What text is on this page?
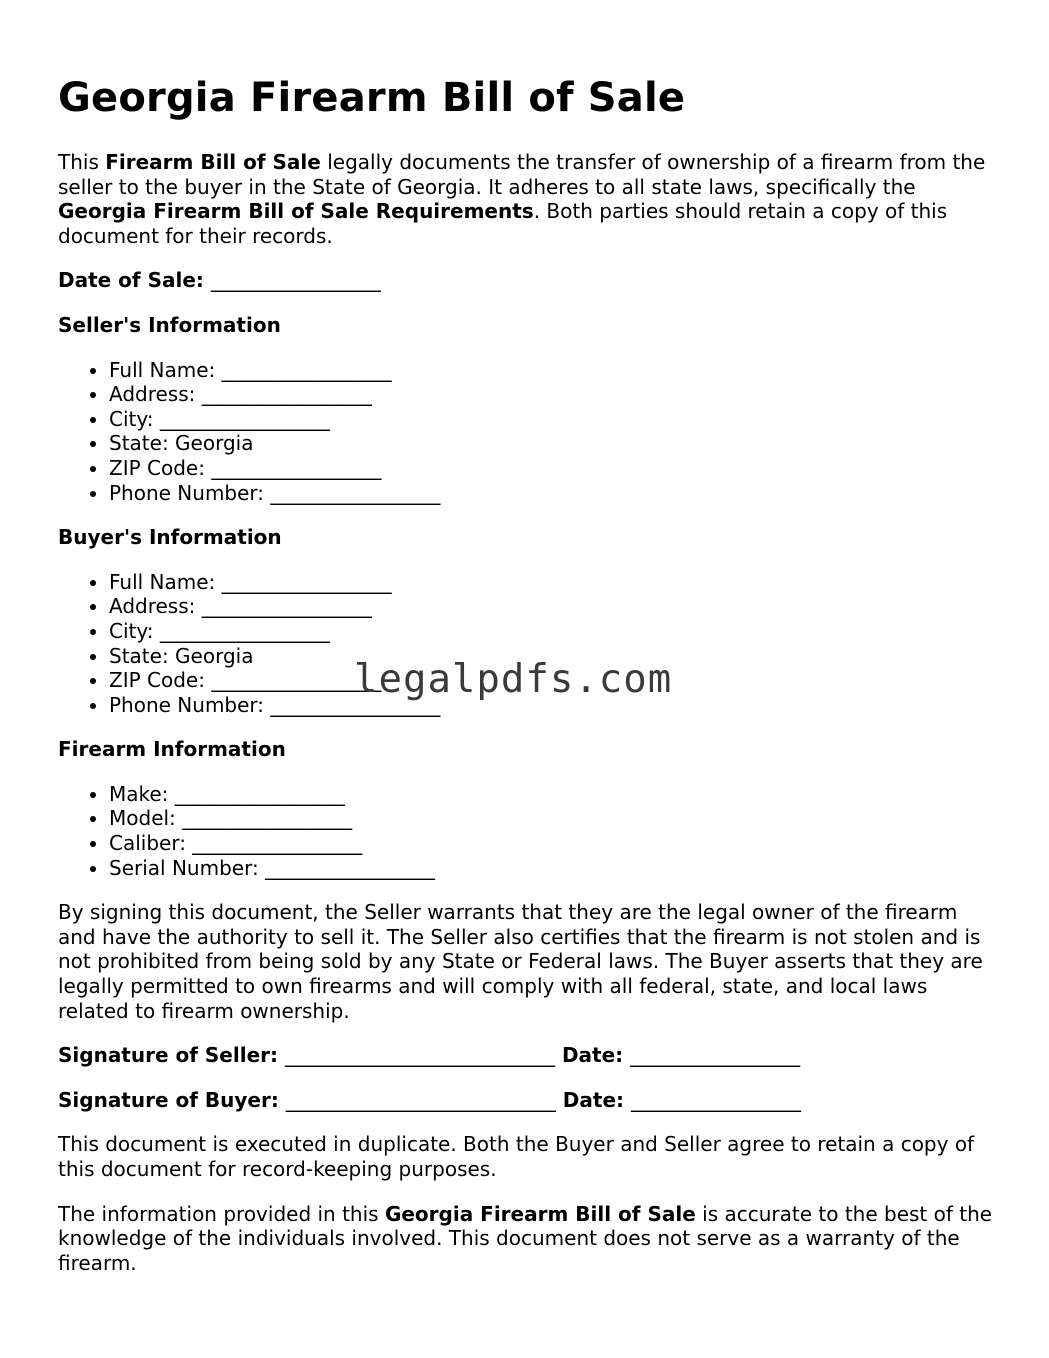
Georgia Firearm Bill of Sale

This Firearm Bill of Sale legally documents the transfer of ownership of a firearm from the seller to the buyer in the State of Georgia. It adheres to all state laws, specifically the Georgia Firearm Bill of Sale Requirements. Both parties should retain a copy of this document for their records.

Date of Sale: _________________

Seller's Information

• Full Name: _________________
• Address: _________________
• City: _________________
• State: Georgia
• ZIP Code: _________________
• Phone Number: _________________

Buyer's Information

• Full Name: _________________
• Address: _________________
• City: _________________
• State: Georgia
• ZIP Code: _________________
• Phone Number: _________________

Firearm Information

• Make: _________________
• Model: _________________
• Caliber: _________________
• Serial Number: _________________

By signing this document, the Seller warrants that they are the legal owner of the firearm and have the authority to sell it. The Seller also certifies that the firearm is not stolen and is not prohibited from being sold by any State or Federal laws. The Buyer asserts that they are legally permitted to own firearms and will comply with all federal, state, and local laws related to firearm ownership.

Signature of Seller: ___________________________ Date: _________________

Signature of Buyer: ___________________________ Date: _________________

This document is executed in duplicate. Both the Buyer and Seller agree to retain a copy of this document for record-keeping purposes.

The information provided in this Georgia Firearm Bill of Sale is accurate to the best of the knowledge of the individuals involved. This document does not serve as a warranty of the firearm.

legalpdfs.com
